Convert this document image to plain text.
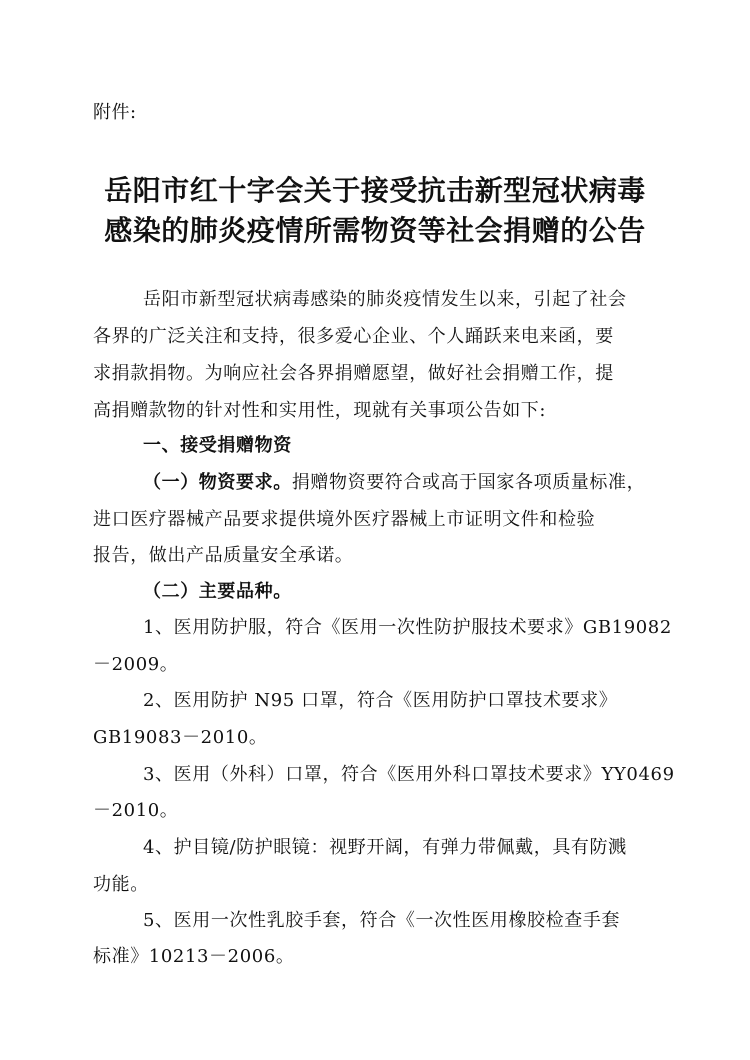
附件:
岳阳市红十字会关于接受抗击新型冠状病毒
感染的肺炎疫情所需物资等社会捐赠的公告
岳阳市新型冠状病毒感染的肺炎疫情发生以来，引起了社会
各界的广泛关注和支持，很多爱心企业、个人踊跃来电来函，要
求捐款捐物。为响应社会各界捐赠愿望，做好社会捐赠工作，提
高捐赠款物的针对性和实用性，现就有关事项公告如下:
一、接受捐赠物资
（一）物资要求。捐赠物资要符合或高于国家各项质量标准，
进口医疗器械产品要求提供境外医疗器械上市证明文件和检验
报告，做出产品质量安全承诺。
（二）主要品种。
1、医用防护服，符合《医用一次性防护服技术要求》GB19082
－2009。
2、医用防护 N95 口罩，符合《医用防护口罩技术要求》
GB19083－2010。
3、医用（外科）口罩，符合《医用外科口罩技术要求》YY0469
－2010。
4、护目镜/防护眼镜：视野开阔，有弹力带佩戴，具有防溅
功能。
5、医用一次性乳胶手套，符合《一次性医用橡胶检查手套
标准》10213－2006。
